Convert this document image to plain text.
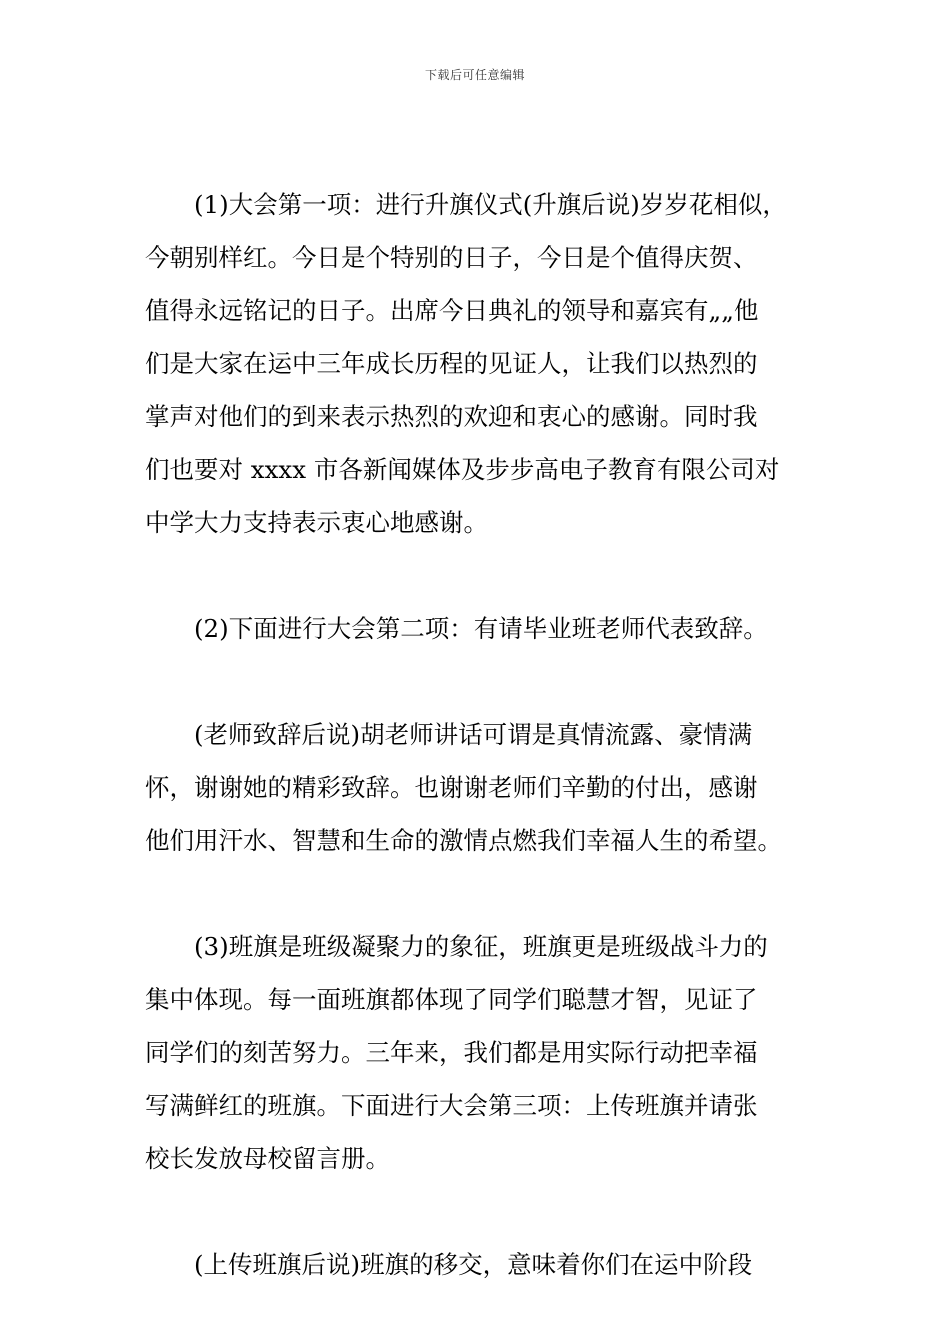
下载后可任意编辑
　　(1)大会第一项：进行升旗仪式(升旗后说)岁岁花相似，
今朝别样红。今日是个特别的日子，今日是个值得庆贺、
值得永远铭记的日子。出席今日典礼的领导和嘉宾有„„他
们是大家在运中三年成长历程的见证人，让我们以热烈的
掌声对他们的到来表示热烈的欢迎和衷心的感谢。同时我
们也要对 xxxx 市各新闻媒体及步步高电子教育有限公司对
中学大力支持表示衷心地感谢。
　　(2)下面进行大会第二项：有请毕业班老师代表致辞。
　　(老师致辞后说)胡老师讲话可谓是真情流露、豪情满
怀，谢谢她的精彩致辞。也谢谢老师们辛勤的付出，感谢
他们用汗水、智慧和生命的激情点燃我们幸福人生的希望。
　　(3)班旗是班级凝聚力的象征，班旗更是班级战斗力的
集中体现。每一面班旗都体现了同学们聪慧才智，见证了
同学们的刻苦努力。三年来，我们都是用实际行动把幸福
写满鲜红的班旗。下面进行大会第三项：上传班旗并请张
校长发放母校留言册。
　　(上传班旗后说)班旗的移交，意味着你们在运中阶段
